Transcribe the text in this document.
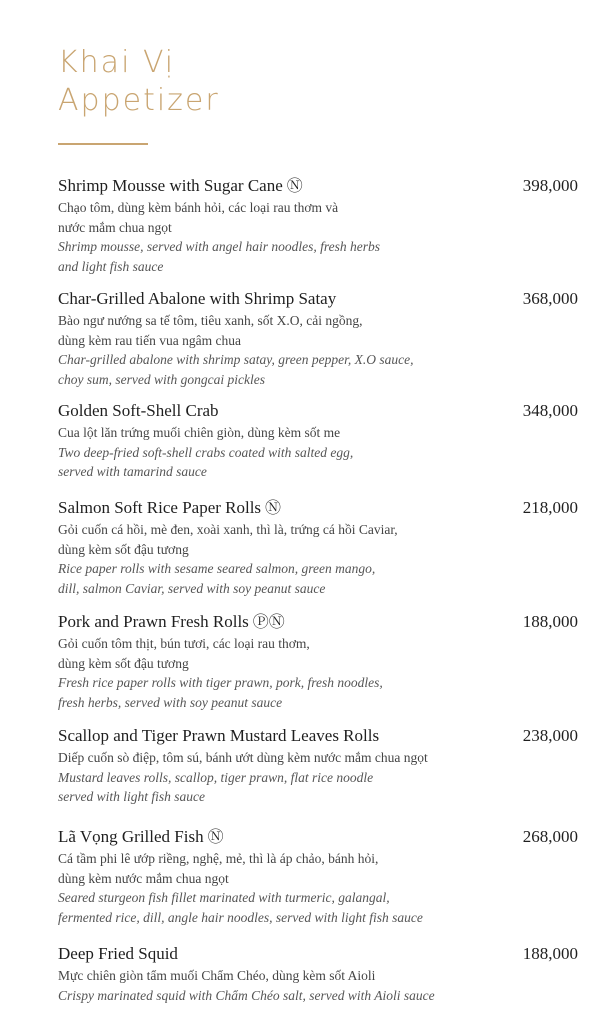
Khai Vị
Appetizer
Shrimp Mousse with Sugar Cane Ⓝ	398,000
Chạo tôm, dùng kèm bánh hỏi, các loại rau thơm và
nước mắm chua ngọt
Shrimp mousse, served with angel hair noodles, fresh herbs
and light fish sauce
Char-Grilled Abalone with Shrimp Satay	368,000
Bào ngư nướng sa tế tôm, tiêu xanh, sốt X.O, cải ngồng,
dùng kèm rau tiến vua ngâm chua
Char-grilled abalone with shrimp satay, green pepper, X.O sauce,
choy sum, served with gongcai pickles
Golden Soft-Shell Crab	348,000
Cua lột lăn trứng muối chiên giòn, dùng kèm sốt me
Two deep-fried soft-shell crabs coated with salted egg,
served with tamarind sauce
Salmon Soft Rice Paper Rolls Ⓝ	218,000
Gỏi cuốn cá hồi, mè đen, xoài xanh, thì là, trứng cá hồi Caviar,
dùng kèm sốt đậu tương
Rice paper rolls with sesame seared salmon, green mango,
dill, salmon Caviar, served with soy peanut sauce
Pork and Prawn Fresh Rolls ⓅⓃ	188,000
Gỏi cuốn tôm thịt, bún tươi, các loại rau thơm,
dùng kèm sốt đậu tương
Fresh rice paper rolls with tiger prawn, pork, fresh noodles,
fresh herbs, served with soy peanut sauce
Scallop and Tiger Prawn Mustard Leaves Rolls	238,000
Diếp cuốn sò điệp, tôm sú, bánh ướt dùng kèm nước mắm chua ngọt
Mustard leaves rolls, scallop, tiger prawn, flat rice noodle
served with light fish sauce
Lã Vọng Grilled Fish Ⓝ	268,000
Cá tầm phi lê ướp riềng, nghệ, mẻ, thì là áp chảo, bánh hỏi,
dùng kèm nước mắm chua ngọt
Seared sturgeon fish fillet marinated with turmeric, galangal,
fermented rice, dill, angle hair noodles, served with light fish sauce
Deep Fried Squid	188,000
Mực chiên giòn tẩm muối Chẩm Chéo, dùng kèm sốt Aioli
Crispy marinated squid with Chẩm Chéo salt, served with Aioli sauce
